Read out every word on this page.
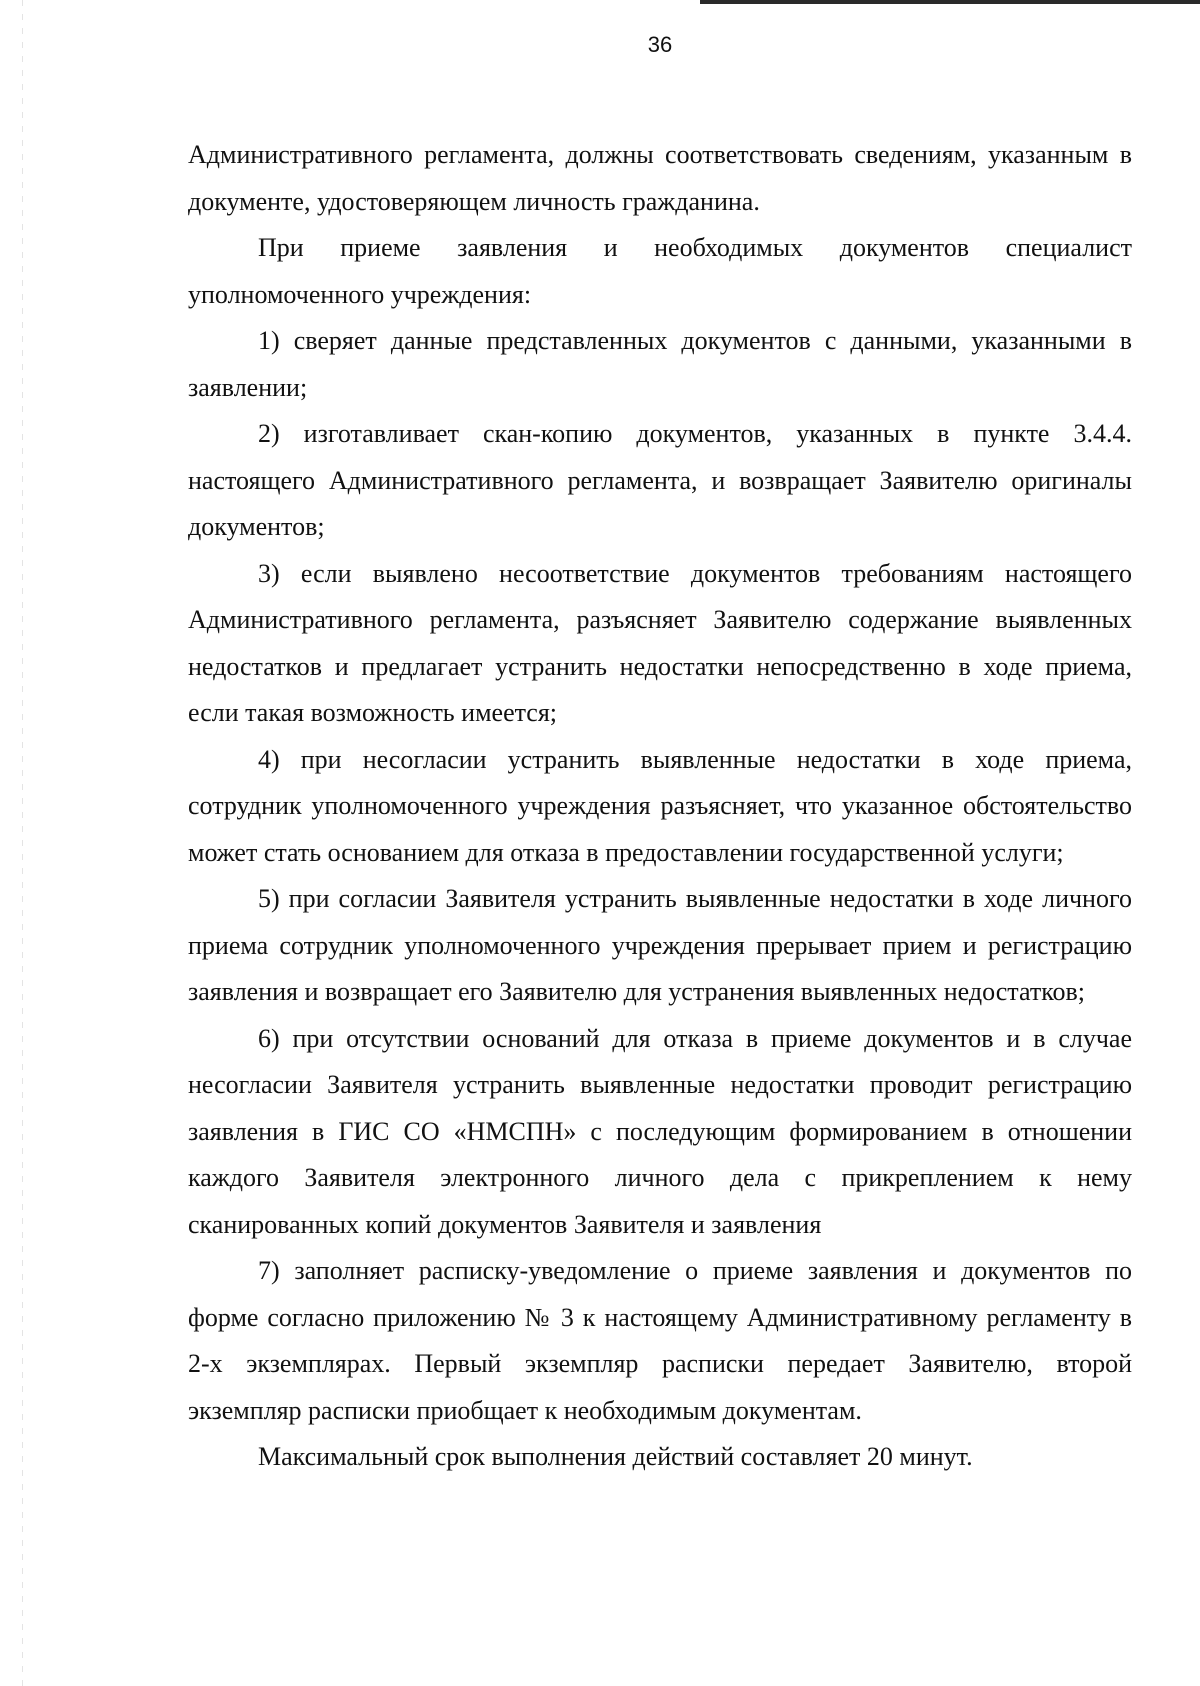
36

Административного регламента, должны соответствовать сведениям, указанным в документе, удостоверяющем личность гражданина.

При приеме заявления и необходимых документов специалист уполномоченного учреждения:

1) сверяет данные представленных документов с данными, указанными в заявлении;

2) изготавливает скан-копию документов, указанных в пункте 3.4.4. настоящего Административного регламента, и возвращает Заявителю оригиналы документов;

3) если выявлено несоответствие документов требованиям настоящего Административного регламента, разъясняет Заявителю содержание выявленных недостатков и предлагает устранить недостатки непосредственно в ходе приема, если такая возможность имеется;

4) при несогласии устранить выявленные недостатки в ходе приема, сотрудник уполномоченного учреждения разъясняет, что указанное обстоятельство может стать основанием для отказа в предоставлении государственной услуги;

5) при согласии Заявителя устранить выявленные недостатки в ходе личного приема сотрудник уполномоченного учреждения прерывает прием и регистрацию заявления и возвращает его Заявителю для устранения выявленных недостатков;

6) при отсутствии оснований для отказа в приеме документов и в случае несогласии Заявителя устранить выявленные недостатки проводит регистрацию заявления в ГИС СО «НМСПН» с последующим формированием в отношении каждого Заявителя электронного личного дела с прикреплением к нему сканированных копий документов Заявителя и заявления

7) заполняет расписку-уведомление о приеме заявления и документов по форме согласно приложению № 3 к настоящему Административному регламенту в 2-х экземплярах. Первый экземпляр расписки передает Заявителю, второй экземпляр расписки приобщает к необходимым документам.

Максимальный срок выполнения действий составляет 20 минут.
